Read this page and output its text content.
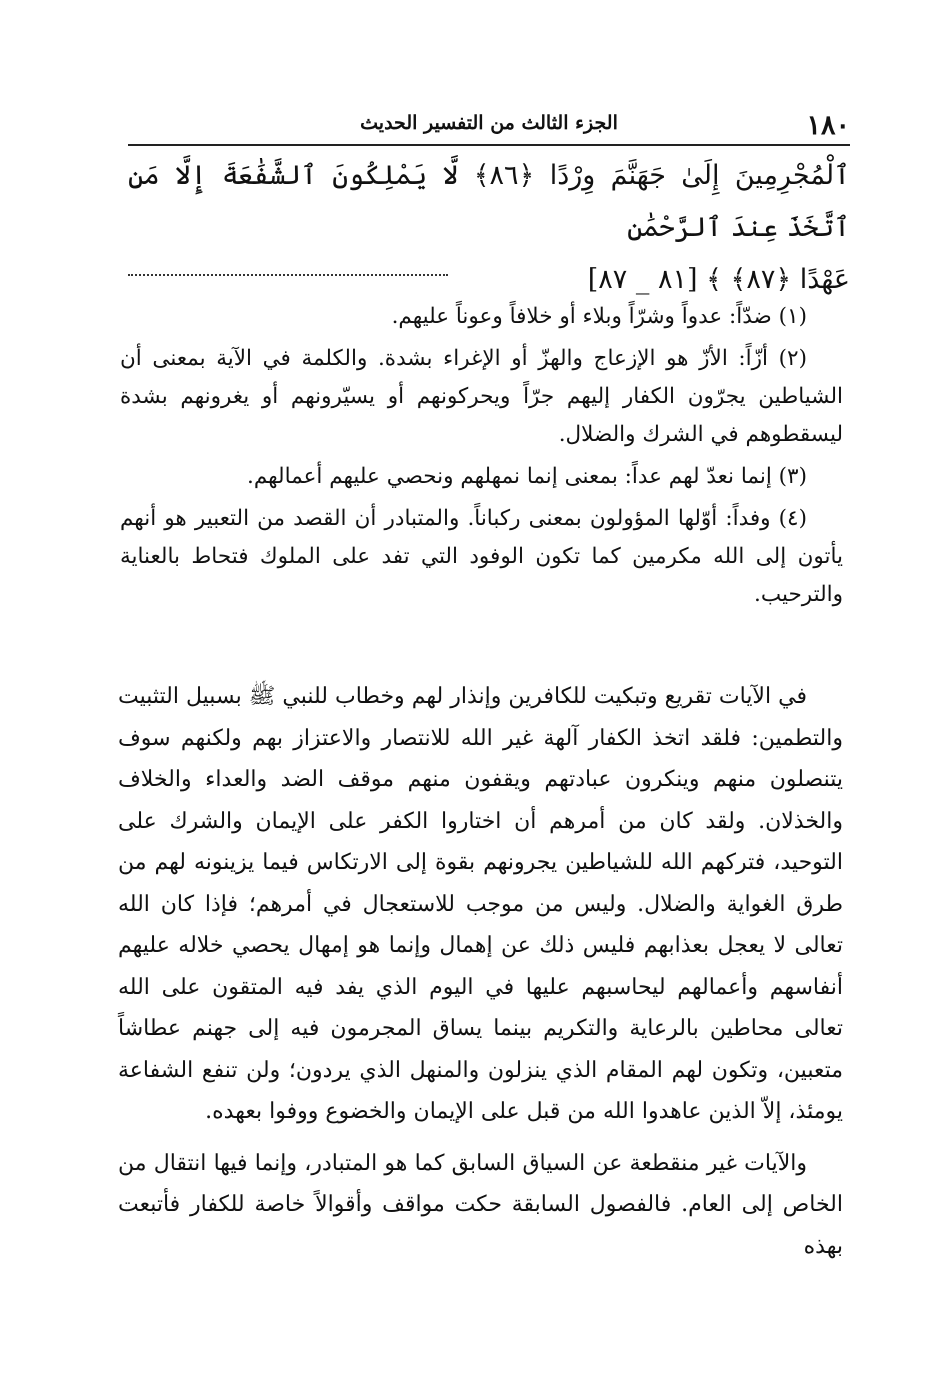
١٨٠
الجزء الثالث من التفسير الحديث
ٱلْمُجْرِمِينَ إِلَىٰ جَهَنَّمَ وِرْدًا ﴿٨٦﴾ لَّا يَمْلِكُونَ ٱلشَّفَٰعَةَ إِلَّا مَنِ ٱتَّخَذَ عِندَ ٱلرَّحْمَٰنِ
عَهْدًا ﴿٨٧﴾ ﴾ [٨١ _ ٨٧]

(١) ضدّاً: عدواً وشرّاً وبلاء أو خلافاً وعوناً عليهم.

(٢) أزّاً: الأزّ هو الإزعاج والهزّ أو الإغراء بشدة. والكلمة في الآية بمعنى أن الشياطين يجرّون الكفار إليهم جرّاً ويحركونهم أو يسيّرونهم أو يغرونهم بشدة ليسقطوهم في الشرك والضلال.

(٣) إنما نعدّ لهم عداً: بمعنى إنما نمهلهم ونحصي عليهم أعمالهم.

(٤) وفداً: أوّلها المؤولون بمعنى ركباناً. والمتبادر أن القصد من التعبير هو أنهم يأتون إلى الله مكرمين كما تكون الوفود التي تفد على الملوك فتحاط بالعناية والترحيب.

في الآيات تقريع وتبكيت للكافرين وإنذار لهم وخطاب للنبي ﷺ بسبيل التثبيت والتطمين: فلقد اتخذ الكفار آلهة غير الله للانتصار والاعتزاز بهم ولكنهم سوف يتنصلون منهم وينكرون عبادتهم ويقفون منهم موقف الضد والعداء والخلاف والخذلان. ولقد كان من أمرهم أن اختاروا الكفر على الإيمان والشرك على التوحيد، فتركهم الله للشياطين يجرونهم بقوة إلى الارتكاس فيما يزينونه لهم من طرق الغواية والضلال. وليس من موجب للاستعجال في أمرهم؛ فإذا كان الله تعالى لا يعجل بعذابهم فليس ذلك عن إهمال وإنما هو إمهال يحصي خلاله عليهم أنفاسهم وأعمالهم ليحاسبهم عليها في اليوم الذي يفد فيه المتقون على الله تعالى محاطين بالرعاية والتكريم بينما يساق المجرمون فيه إلى جهنم عطاشاً متعبين، وتكون لهم المقام الذي ينزلون والمنهل الذي يردون؛ ولن تنفع الشفاعة يومئذ، إلاّ الذين عاهدوا الله من قبل على الإيمان والخضوع ووفوا بعهده.

والآيات غير منقطعة عن السياق السابق كما هو المتبادر، وإنما فيها انتقال من الخاص إلى العام. فالفصول السابقة حكت مواقف وأقوالاً خاصة للكفار فأتبعت بهذه
